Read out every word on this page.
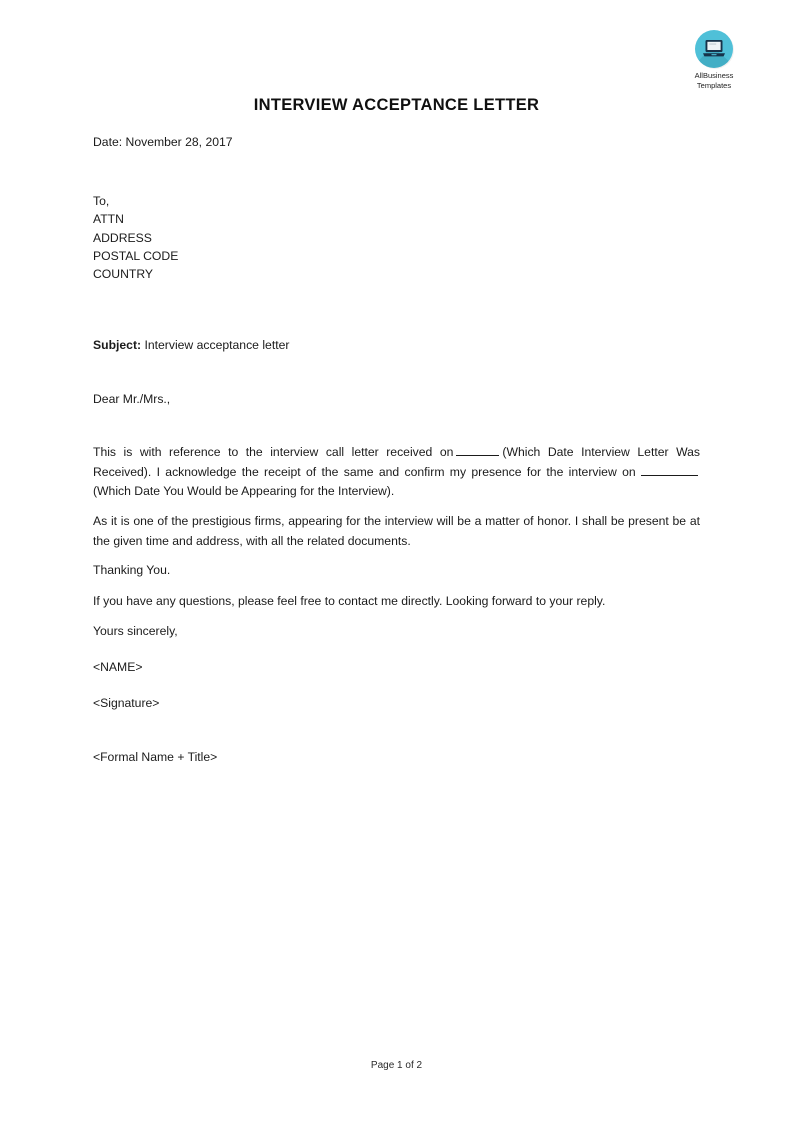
AllBusiness
Templates
INTERVIEW ACCEPTANCE LETTER
Date: November 28, 2017
To,
ATTN
ADDRESS
POSTAL CODE
COUNTRY
Subject: Interview acceptance letter
Dear Mr./Mrs.,
This is with reference to the interview call letter received on	(Which Date Interview Letter Was Received). I acknowledge the receipt of the same and confirm my presence for the interview on (Which Date You Would be Appearing for the Interview).
As it is one of the prestigious firms, appearing for the interview will be a matter of honor. I shall be present be at the given time and address, with all the related documents.
Thanking You.
If you have any questions, please feel free to contact me directly. Looking forward to your reply.
Yours sincerely,
<NAME>
<Signature>
<Formal Name + Title>
Page 1 of 2
